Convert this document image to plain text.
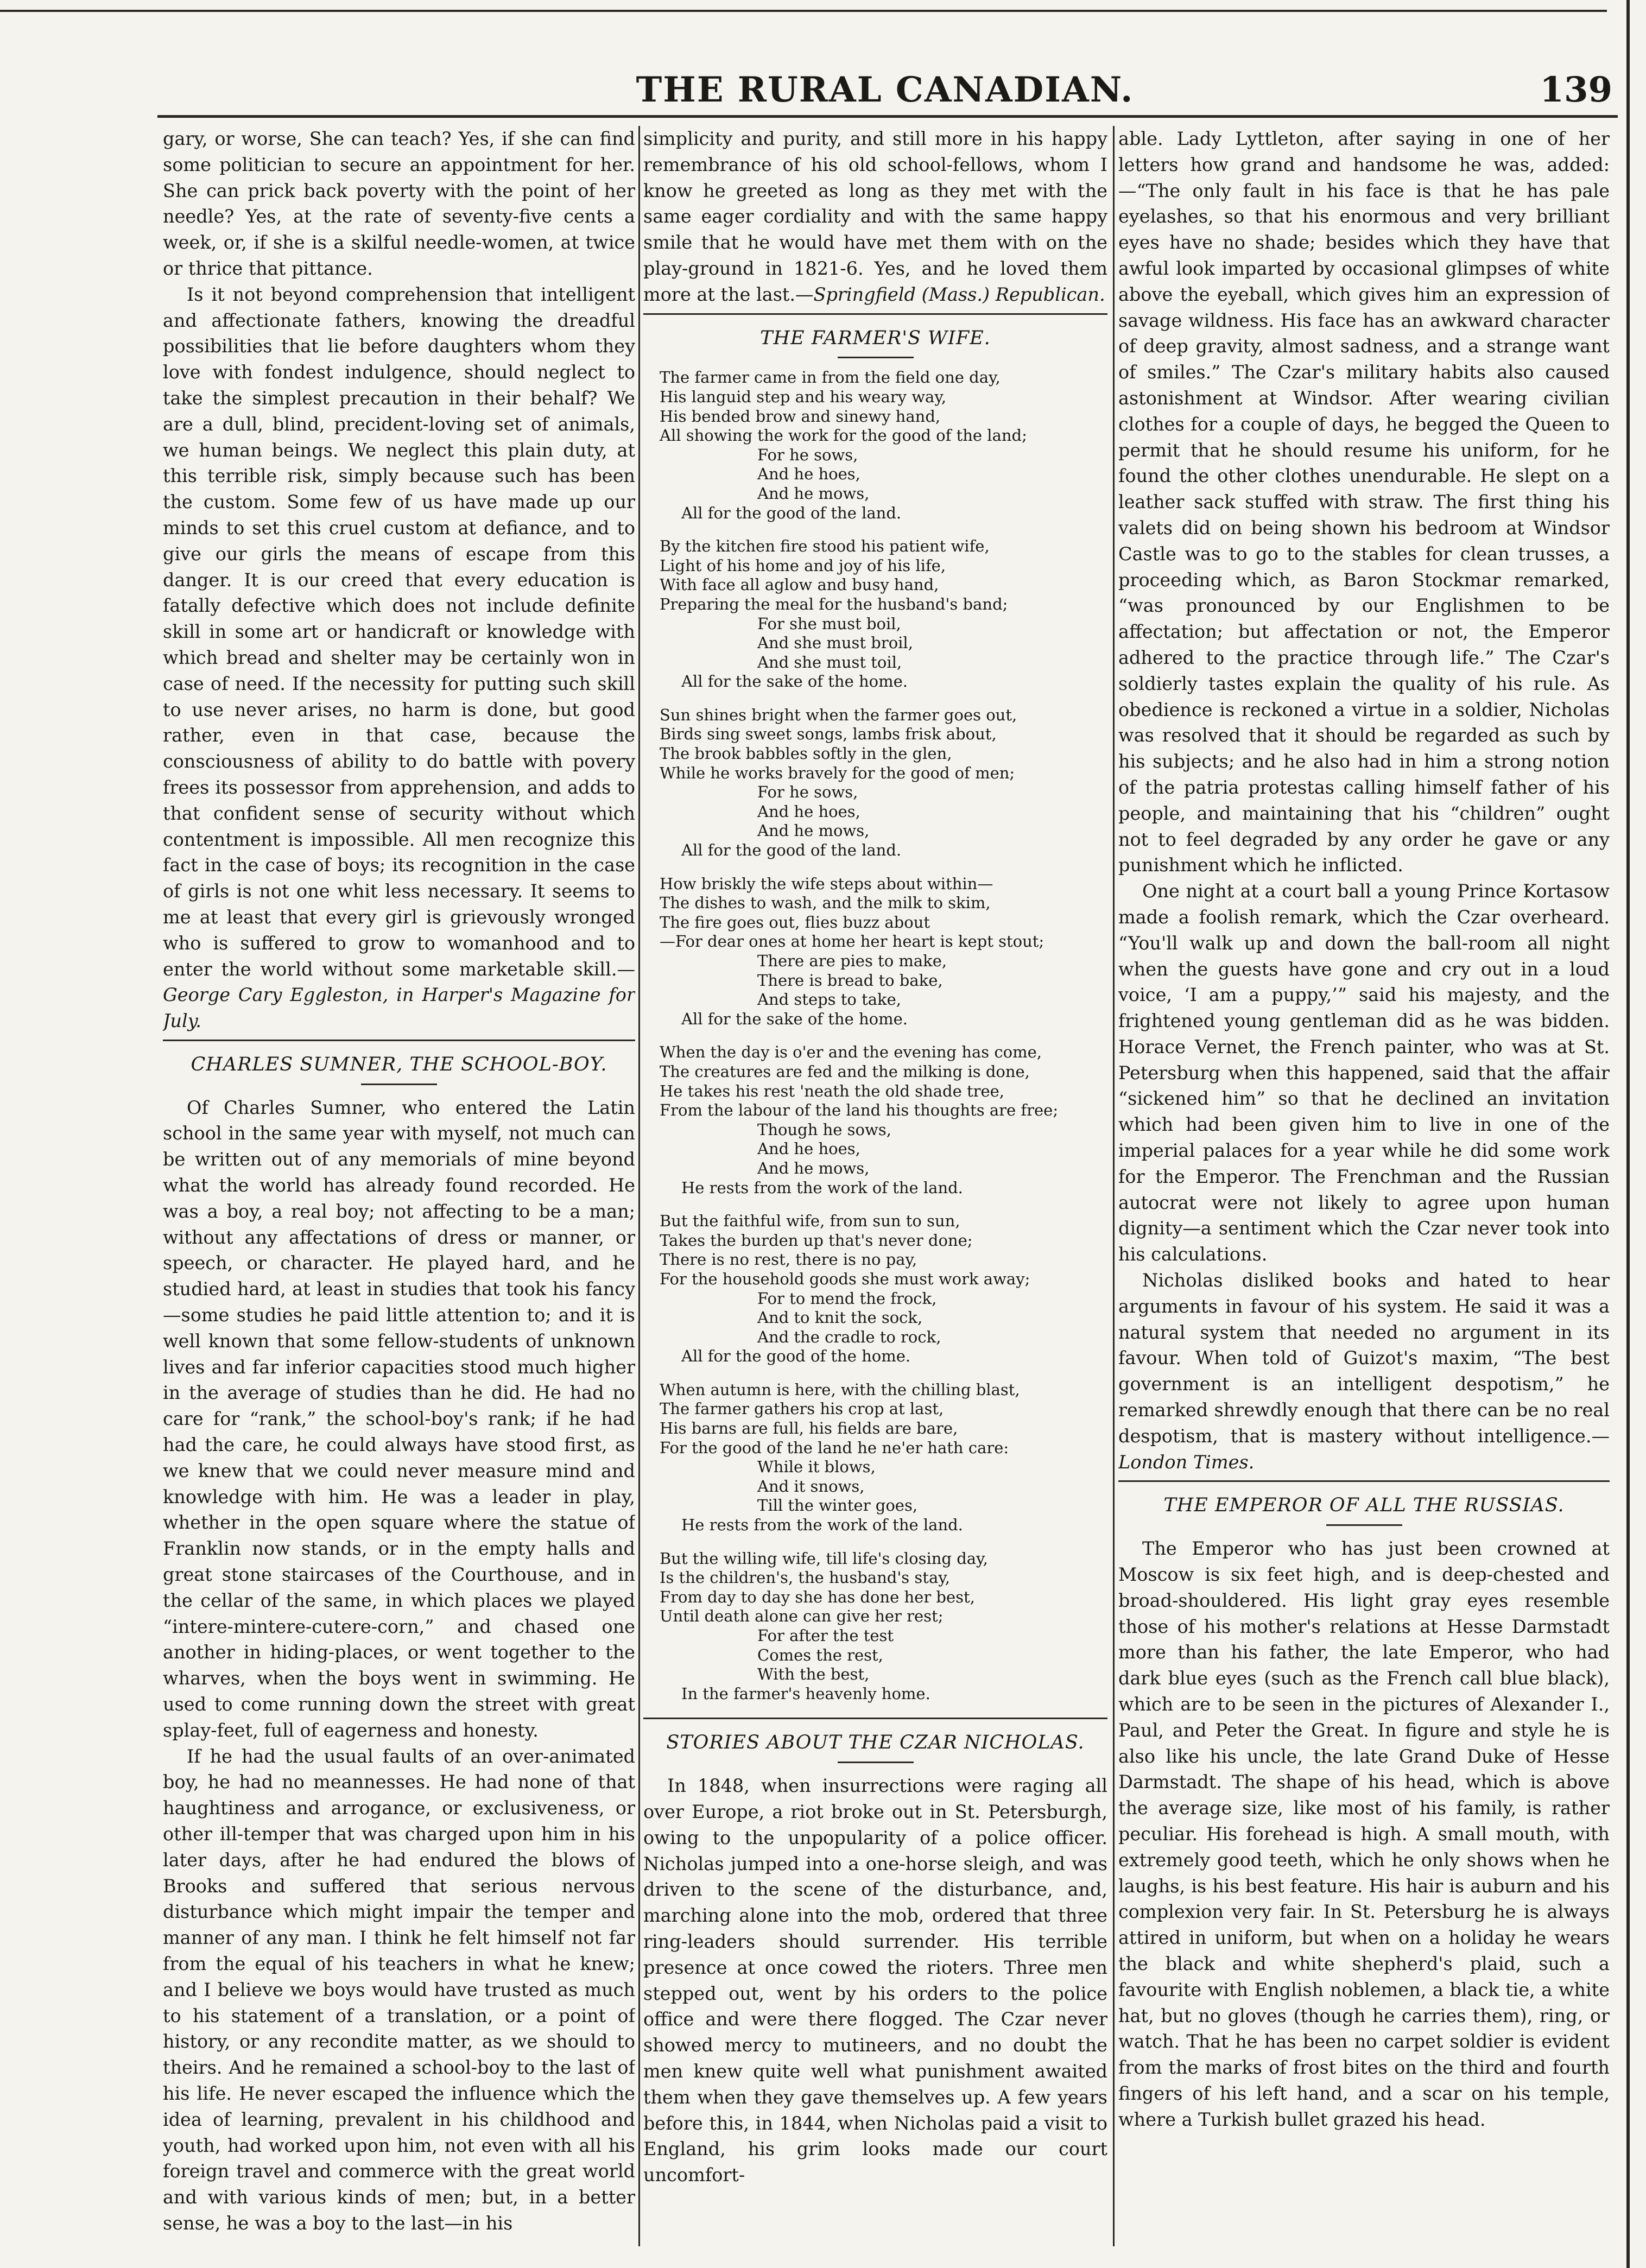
THE RURAL CANADIAN.	139

gary, or worse, She can teach? Yes, if she can find some politician to secure an appointment for her. She can prick back poverty with the point of her needle? Yes, at the rate of seventy-five cents a week, or, if she is a skilful needle-women, at twice or thrice that pittance.

Is it not beyond comprehension that intelligent and affectionate fathers, knowing the dreadful possibilities that lie before daughters whom they love with fondest indulgence, should neglect to take the simplest precaution in their behalf? We are a dull, blind, precident-loving set of animals, we human beings. We neglect this plain duty, at this terrible risk, simply because such has been the custom. Some few of us have made up our minds to set this cruel custom at defiance, and to give our girls the means of escape from this danger. It is our creed that every education is fatally defective which does not include definite skill in some art or handicraft or knowledge with which bread and shelter may be certainly won in case of need. If the necessity for putting such skill to use never arises, no harm is done, but good rather, even in that case, because the consciousness of ability to do battle with povery frees its possessor from apprehension, and adds to that confident sense of security without which contentment is impossible. All men recognize this fact in the case of boys; its recognition in the case of girls is not one whit less necessary. It seems to me at least that every girl is grievously wronged who is suffered to grow to womanhood and to enter the world without some marketable skill.—George Cary Eggleston, in Harper's Magazine for July.

CHARLES SUMNER, THE SCHOOL-BOY.

Of Charles Sumner, who entered the Latin school in the same year with myself, not much can be written out of any memorials of mine beyond what the world has already found recorded. He was a boy, a real boy; not affecting to be a man; without any affectations of dress or manner, or speech, or character. He played hard, and he studied hard, at least in studies that took his fancy—some studies he paid little attention to; and it is well known that some fellow-students of unknown lives and far inferior capacities stood much higher in the average of studies than he did. He had no care for “rank,” the school-boy's rank; if he had had the care, he could always have stood first, as we knew that we could never measure mind and knowledge with him. He was a leader in play, whether in the open square where the statue of Franklin now stands, or in the empty halls and great stone staircases of the Courthouse, and in the cellar of the same, in which places we played “intere-mintere-cutere-corn,” and chased one another in hiding-places, or went together to the wharves, when the boys went in swimming. He used to come running down the street with great splay-feet, full of eagerness and honesty.

If he had the usual faults of an over-animated boy, he had no meannesses. He had none of that haughtiness and arrogance, or exclusiveness, or other ill-temper that was charged upon him in his later days, after he had endured the blows of Brooks and suffered that serious nervous disturbance which might impair the temper and manner of any man. I think he felt himself not far from the equal of his teachers in what he knew; and I believe we boys would have trusted as much to his statement of a translation, or a point of history, or any recondite matter, as we should to theirs. And he remained a school-boy to the last of his life. He never escaped the influence which the idea of learning, prevalent in his childhood and youth, had worked upon him, not even with all his foreign travel and commerce with the great world and with various kinds of men; but, in a better sense, he was a boy to the last—in his

simplicity and purity, and still more in his happy remembrance of his old school-fellows, whom I know he greeted as long as they met with the same eager cordiality and with the same happy smile that he would have met them with on the play-ground in 1821-6. Yes, and he loved them more at the last.—Springfield (Mass.) Republican.

THE FARMER'S WIFE.
The farmer came in from the field one day,
His languid step and his weary way,
His bended brow and sinewy hand,
All showing the work for the good of the land;
For he sows,
And he hoes,
And he mows,
All for the good of the land.
By the kitchen fire stood his patient wife,
Light of his home and joy of his life,
With face all aglow and busy hand,
Preparing the meal for the husband's band;
For she must boil,
And she must broil,
And she must toil,
All for the sake of the home.
Sun shines bright when the farmer goes out,
Birds sing sweet songs, lambs frisk about,
The brook babbles softly in the glen,
While he works bravely for the good of men;
For he sows,
And he hoes,
And he mows,
All for the good of the land.
How briskly the wife steps about within—
The dishes to wash, and the milk to skim,
The fire goes out, flies buzz about
—For dear ones at home her heart is kept stout;
There are pies to make,
There is bread to bake,
And steps to take,
All for the sake of the home.
When the day is o'er and the evening has come,
The creatures are fed and the milking is done,
He takes his rest 'neath the old shade tree,
From the labour of the land his thoughts are free;
Though he sows,
And he hoes,
And he mows,
He rests from the work of the land.
But the faithful wife, from sun to sun,
Takes the burden up that's never done;
There is no rest, there is no pay,
For the household goods she must work away;
For to mend the frock,
And to knit the sock,
And the cradle to rock,
All for the good of the home.
When autumn is here, with the chilling blast,
The farmer gathers his crop at last,
His barns are full, his fields are bare,
For the good of the land he ne'er hath care:
While it blows,
And it snows,
Till the winter goes,
He rests from the work of the land.
But the willing wife, till life's closing day,
Is the children's, the husband's stay,
From day to day she has done her best,
Until death alone can give her rest;
For after the test
Comes the rest,
With the best,
In the farmer's heavenly home.
STORIES ABOUT THE CZAR NICHOLAS.

In 1848, when insurrections were raging all over Europe, a riot broke out in St. Petersburgh, owing to the unpopularity of a police officer. Nicholas jumped into a one-horse sleigh, and was driven to the scene of the disturbance, and, marching alone into the mob, ordered that three ring-leaders should surrender. His terrible presence at once cowed the rioters. Three men stepped out, went by his orders to the police office and were there flogged. The Czar never showed mercy to mutineers, and no doubt the men knew quite well what punishment awaited them when they gave themselves up. A few years before this, in 1844, when Nicholas paid a visit to England, his grim looks made our court uncomfort-

able. Lady Lyttleton, after saying in one of her letters how grand and handsome he was, added: —“The only fault in his face is that he has pale eyelashes, so that his enormous and very brilliant eyes have no shade; besides which they have that awful look imparted by occasional glimpses of white above the eyeball, which gives him an expression of savage wildness. His face has an awkward character of deep gravity, almost sadness, and a strange want of smiles.” The Czar's military habits also caused astonishment at Windsor. After wearing civilian clothes for a couple of days, he begged the Queen to permit that he should resume his uniform, for he found the other clothes unendurable. He slept on a leather sack stuffed with straw. The first thing his valets did on being shown his bedroom at Windsor Castle was to go to the stables for clean trusses, a proceeding which, as Baron Stockmar remarked, “was pronounced by our Englishmen to be affectation; but affectation or not, the Emperor adhered to the practice through life.” The Czar's soldierly tastes explain the quality of his rule. As obedience is reckoned a virtue in a soldier, Nicholas was resolved that it should be regarded as such by his subjects; and he also had in him a strong notion of the patria protestas calling himself father of his people, and maintaining that his “children” ought not to feel degraded by any order he gave or any punishment which he inflicted.

One night at a court ball a young Prince Kortasow made a foolish remark, which the Czar overheard. “You'll walk up and down the ball-room all night when the guests have gone and cry out in a loud voice, ‘I am a puppy,’” said his majesty, and the frightened young gentleman did as he was bidden. Horace Vernet, the French painter, who was at St. Petersburg when this happened, said that the affair “sickened him” so that he declined an invitation which had been given him to live in one of the imperial palaces for a year while he did some work for the Emperor. The Frenchman and the Russian autocrat were not likely to agree upon human dignity—a sentiment which the Czar never took into his calculations.

Nicholas disliked books and hated to hear arguments in favour of his system. He said it was a natural system that needed no argument in its favour. When told of Guizot's maxim, “The best government is an intelligent despotism,” he remarked shrewdly enough that there can be no real despotism, that is mastery without intelligence.—London Times.

THE EMPEROR OF ALL THE RUSSIAS.

The Emperor who has just been crowned at Moscow is six feet high, and is deep-chested and broad-shouldered. His light gray eyes resemble those of his mother's relations at Hesse Darmstadt more than his father, the late Emperor, who had dark blue eyes (such as the French call blue black), which are to be seen in the pictures of Alexander I., Paul, and Peter the Great. In figure and style he is also like his uncle, the late Grand Duke of Hesse Darmstadt. The shape of his head, which is above the average size, like most of his family, is rather peculiar. His forehead is high. A small mouth, with extremely good teeth, which he only shows when he laughs, is his best feature. His hair is auburn and his complexion very fair. In St. Petersburg he is always attired in uniform, but when on a holiday he wears the black and white shepherd's plaid, such a favourite with English noblemen, a black tie, a white hat, but no gloves (though he carries them), ring, or watch. That he has been no carpet soldier is evident from the marks of frost bites on the third and fourth fingers of his left hand, and a scar on his temple, where a Turkish bullet grazed his head.
